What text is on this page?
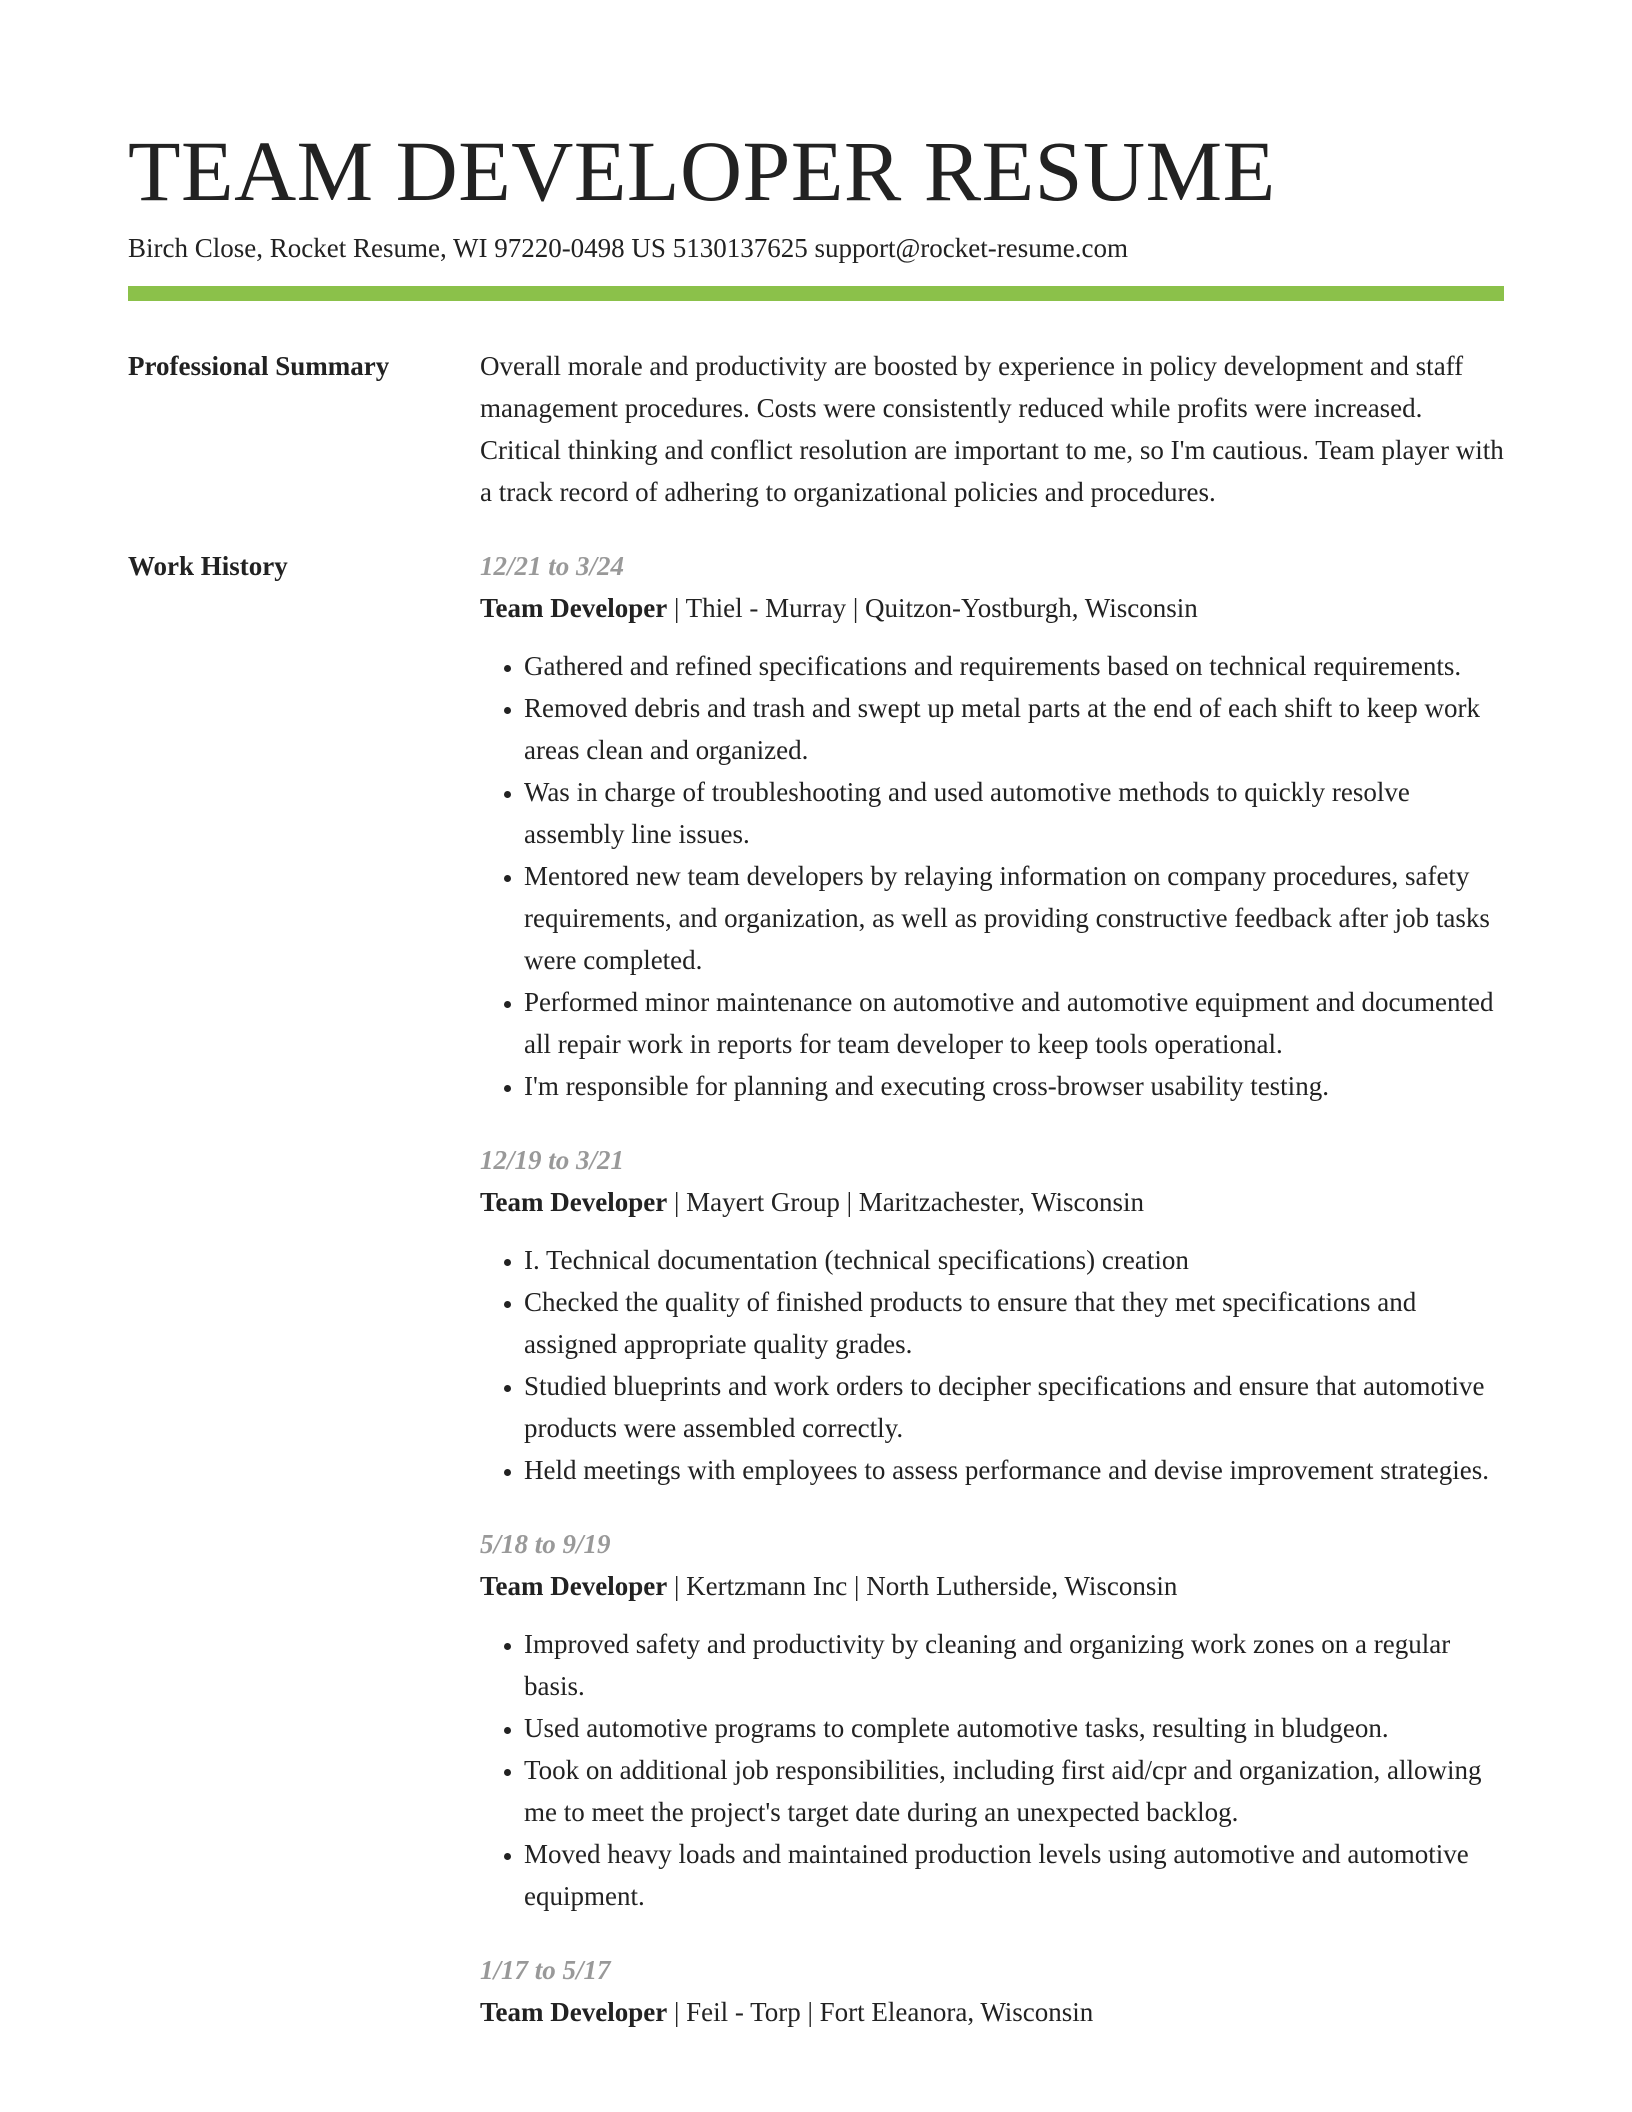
TEAM DEVELOPER RESUME
Birch Close, Rocket Resume, WI 97220-0498 US 5130137625 support@rocket-resume.com
Professional Summary	Overall morale and productivity are boosted by experience in policy development and staff management procedures. Costs were consistently reduced while profits were increased. Critical thinking and conflict resolution are important to me, so I'm cautious. Team player with a track record of adhering to organizational policies and procedures.

Work History	12/21 to 3/24
Team Developer | Thiel - Murray | Quitzon-Yostburgh, Wisconsin
• Gathered and refined specifications and requirements based on technical requirements.
• Removed debris and trash and swept up metal parts at the end of each shift to keep work areas clean and organized.
• Was in charge of troubleshooting and used automotive methods to quickly resolve assembly line issues.
• Mentored new team developers by relaying information on company procedures, safety requirements, and organization, as well as providing constructive feedback after job tasks were completed.
• Performed minor maintenance on automotive and automotive equipment and documented all repair work in reports for team developer to keep tools operational.
• I'm responsible for planning and executing cross-browser usability testing.
12/19 to 3/21
Team Developer | Mayert Group | Maritzachester, Wisconsin
• I. Technical documentation (technical specifications) creation
• Checked the quality of finished products to ensure that they met specifications and assigned appropriate quality grades.
• Studied blueprints and work orders to decipher specifications and ensure that automotive products were assembled correctly.
• Held meetings with employees to assess performance and devise improvement strategies.
5/18 to 9/19
Team Developer | Kertzmann Inc | North Lutherside, Wisconsin
• Improved safety and productivity by cleaning and organizing work zones on a regular basis.
• Used automotive programs to complete automotive tasks, resulting in bludgeon.
• Took on additional job responsibilities, including first aid/cpr and organization, allowing me to meet the project's target date during an unexpected backlog.
• Moved heavy loads and maintained production levels using automotive and automotive equipment.
1/17 to 5/17
Team Developer | Feil - Torp | Fort Eleanora, Wisconsin
